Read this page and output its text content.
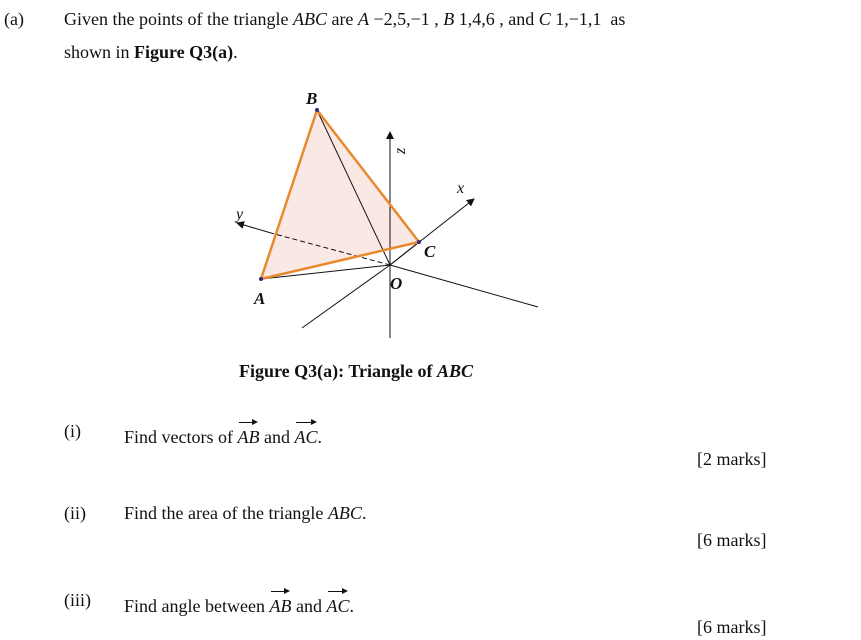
(a) Given the points of the triangle ABC are A −2,5,−1 , B 1,4,6 , and C 1,−1,1 as
shown in Figure Q3(a).
B
A
C
O
x
y
z
Figure Q3(a): Triangle of ABC
(i) Find vectors of AB and AC.
[2 marks]
(ii) Find the area of the triangle ABC.
[6 marks]
(iii) Find angle between AB and AC.
[6 marks]
